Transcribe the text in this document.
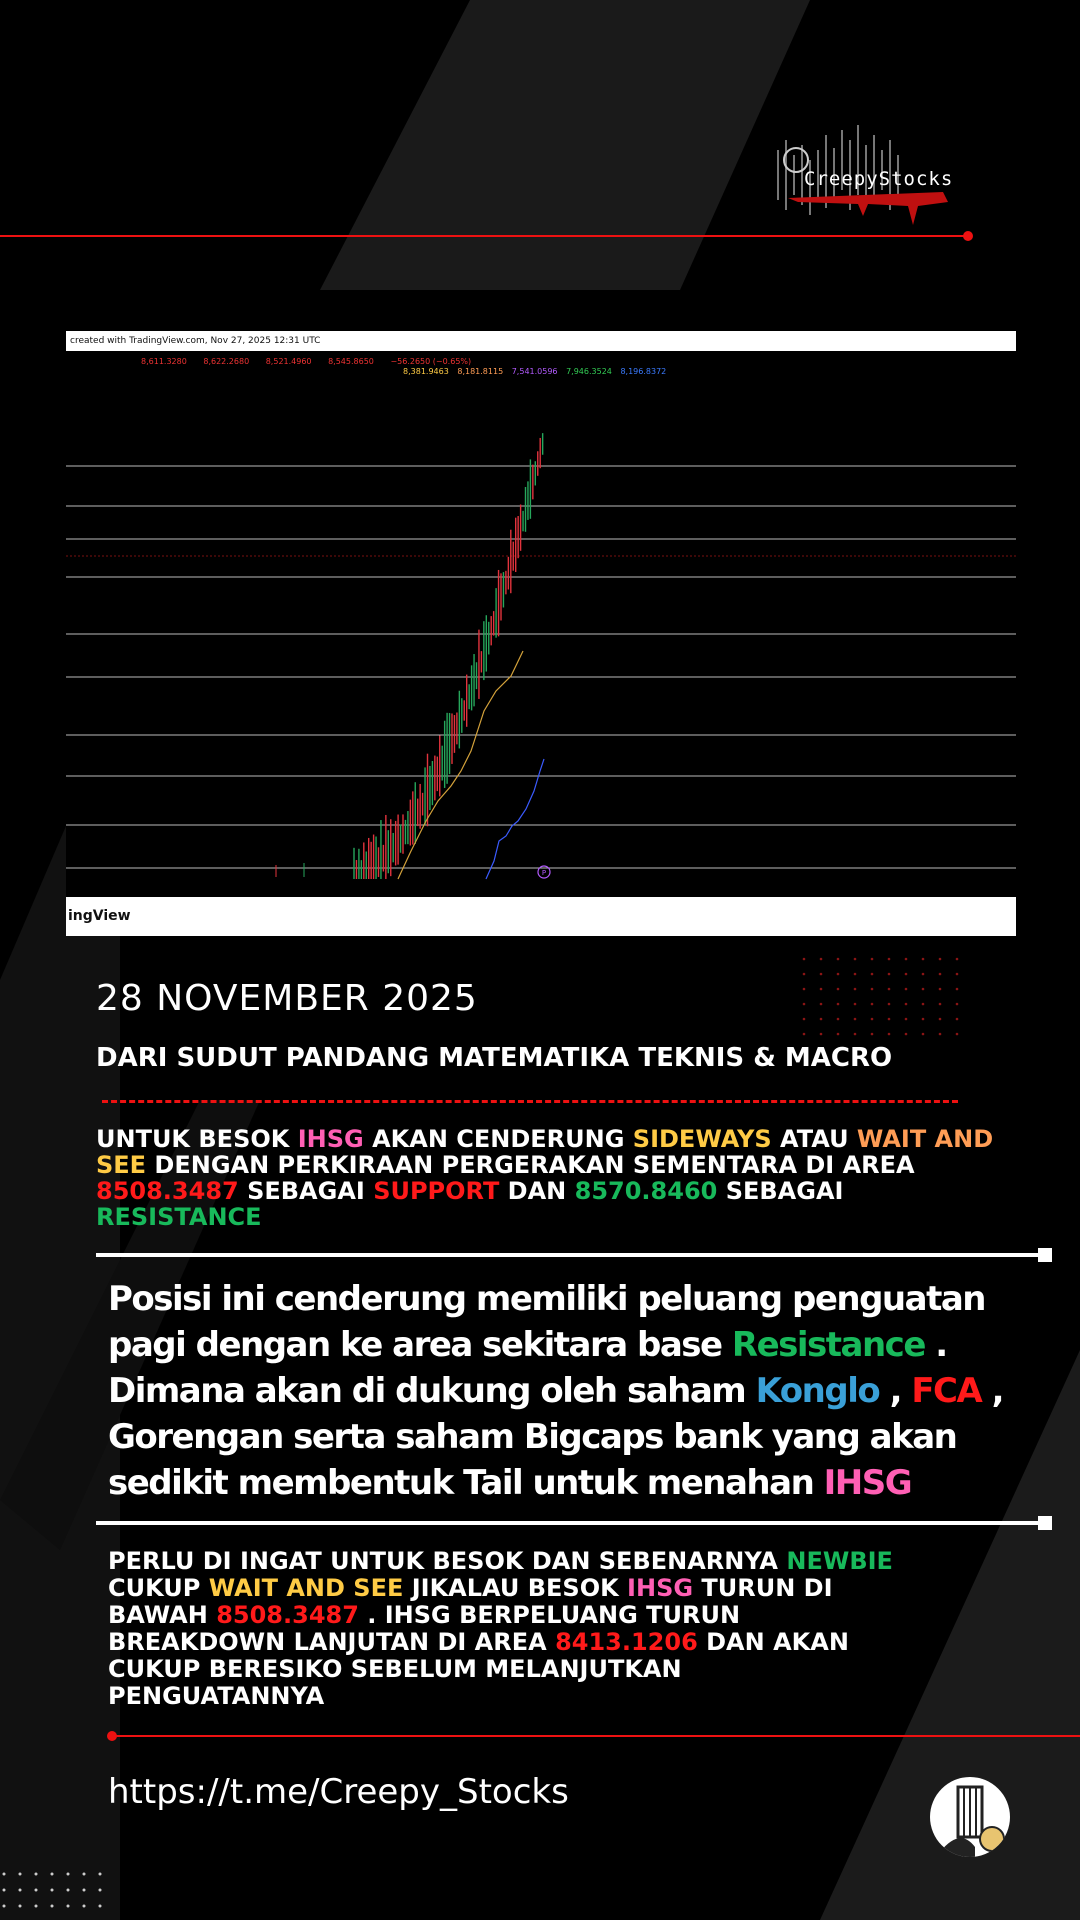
CreepyStocks
created with TradingView.com, Nov 27, 2025 12:31 UTC
8,611.3280 8,622.2680 8,521.4960 8,545.8650 −56.2650 (−0.65%)
8,381.9463 8,181.8115 7,541.0596 7,946.3524 8,196.8372
P
ingView
28 NOVEMBER 2025
DARI SUDUT PANDANG MATEMATIKA TEKNIS & MACRO
UNTUK BESOK IHSG AKAN CENDERUNG SIDEWAYS ATAU WAIT AND
SEE DENGAN PERKIRAAN PERGERAKAN SEMENTARA DI AREA
8508.3487 SEBAGAI SUPPORT DAN 8570.8460 SEBAGAI
RESISTANCE
Posisi ini cenderung memiliki peluang penguatan pagi dengan ke area sekitara base Resistance . Dimana akan di dukung oleh saham Konglo , FCA , Gorengan serta saham Bigcaps bank yang akan sedikit membentuk Tail untuk menahan IHSG
PERLU DI INGAT UNTUK BESOK DAN SEBENARNYA NEWBIE
CUKUP WAIT AND SEE JIKALAU BESOK IHSG TURUN DI
BAWAH 8508.3487 . IHSG BERPELUANG TURUN
BREAKDOWN LANJUTAN DI AREA 8413.1206 DAN AKAN
CUKUP BERESIKO SEBELUM MELANJUTKAN
PENGUATANNYA
https://t.me/Creepy_Stocks
